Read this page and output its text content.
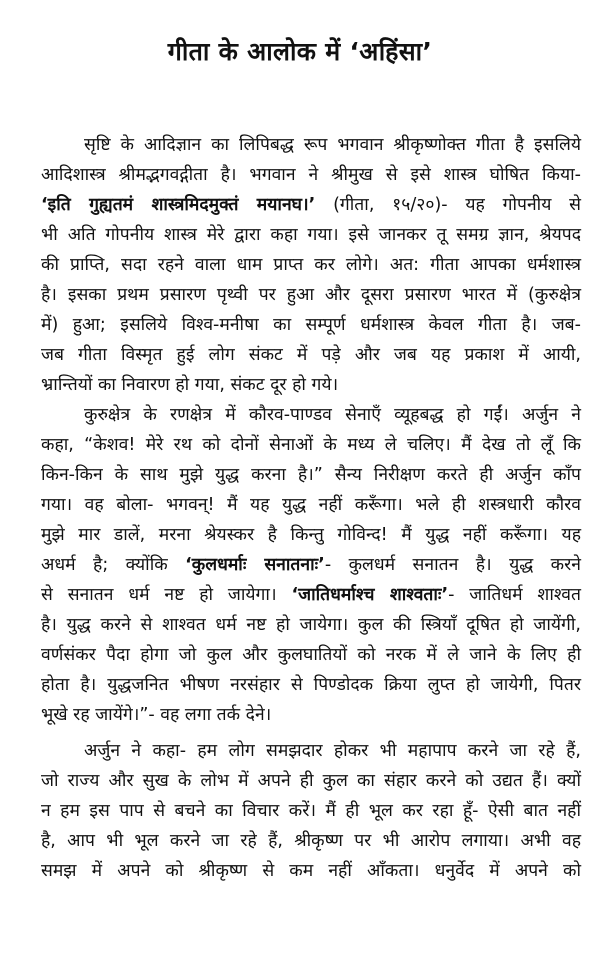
गीता के आलोक में ‘अहिंसा’
सृष्टि के आदिज्ञान का लिपिबद्ध रूप भगवान श्रीकृष्णोक्त गीता है इसलिये
आदिशास्त्र श्रीमद्भगवद्गीता है। भगवान ने श्रीमुख से इसे शास्त्र घोषित किया-
‘इति गुह्यतमं शास्त्रमिदमुक्तं मयानघ।’ (गीता, १५/२०)- यह गोपनीय से
भी अति गोपनीय शास्त्र मेरे द्वारा कहा गया। इसे जानकर तू समग्र ज्ञान, श्रेयपद
की प्राप्ति, सदा रहने वाला धाम प्राप्त कर लोगे। अत: गीता आपका धर्मशास्त्र
है। इसका प्रथम प्रसारण पृथ्वी पर हुआ और दूसरा प्रसारण भारत में (कुरुक्षेत्र
में) हुआ; इसलिये विश्व-मनीषा का सम्पूर्ण धर्मशास्त्र केवल गीता है। जब-
जब गीता विस्मृत हुई लोग संकट में पड़े और जब यह प्रकाश में आयी,
भ्रान्तियों का निवारण हो गया, संकट दूर हो गये।
कुरुक्षेत्र के रणक्षेत्र में कौरव-पाण्डव सेनाएँ व्यूहबद्ध हो गईं। अर्जुन ने
कहा, “केशव! मेरे रथ को दोनों सेनाओं के मध्य ले चलिए। मैं देख तो लूँ कि
किन-किन के साथ मुझे युद्ध करना है।” सैन्य निरीक्षण करते ही अर्जुन काँप
गया। वह बोला- भगवन्! मैं यह युद्ध नहीं करूँगा। भले ही शस्त्रधारी कौरव
मुझे मार डालें, मरना श्रेयस्कर है किन्तु गोविन्द! मैं युद्ध नहीं करूँगा। यह
अधर्म है; क्योंकि ‘कुलधर्माः सनातनाः’- कुलधर्म सनातन है। युद्ध करने
से सनातन धर्म नष्ट हो जायेगा। ‘जातिधर्माश्च शाश्वताः’- जातिधर्म शाश्वत
है। युद्ध करने से शाश्वत धर्म नष्ट हो जायेगा। कुल की स्त्रियाँ दूषित हो जायेंगी,
वर्णसंकर पैदा होगा जो कुल और कुलघातियों को नरक में ले जाने के लिए ही
होता है। युद्धजनित भीषण नरसंहार से पिण्डोदक क्रिया लुप्त हो जायेगी, पितर
भूखे रह जायेंगे।”- वह लगा तर्क देने।
अर्जुन ने कहा- हम लोग समझदार होकर भी महापाप करने जा रहे हैं,
जो राज्य और सुख के लोभ में अपने ही कुल का संहार करने को उद्यत हैं। क्यों
न हम इस पाप से बचने का विचार करें। मैं ही भूल कर रहा हूँ- ऐसी बात नहीं
है, आप भी भूल करने जा रहे हैं, श्रीकृष्ण पर भी आरोप लगाया। अभी वह
समझ में अपने को श्रीकृष्ण से कम नहीं आँकता। धनुर्वेद में अपने को
